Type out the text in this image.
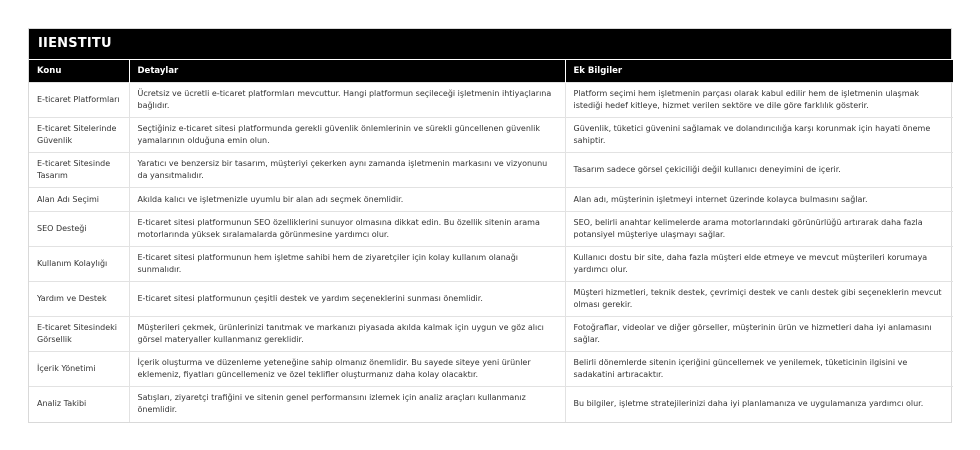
IIENSTITU
Konu	Detaylar	Ek Bilgiler
E-ticaret Platformları	Ücretsiz ve ücretli e-ticaret platformları mevcuttur. Hangi platformun seçileceği işletmenin ihtiyaçlarına bağlıdır.	Platform seçimi hem işletmenin parçası olarak kabul edilir hem de işletmenin ulaşmak istediği hedef kitleye, hizmet verilen sektöre ve dile göre farklılık gösterir.
E-ticaret Sitelerinde Güvenlik	Seçtiğiniz e-ticaret sitesi platformunda gerekli güvenlik önlemlerinin ve sürekli güncellenen güvenlik yamalarının olduğuna emin olun.	Güvenlik, tüketici güvenini sağlamak ve dolandırıcılığa karşı korunmak için hayati öneme sahiptir.
E-ticaret Sitesinde Tasarım	Yaratıcı ve benzersiz bir tasarım, müşteriyi çekerken aynı zamanda işletmenin markasını ve vizyonunu da yansıtmalıdır.	Tasarım sadece görsel çekiciliği değil kullanıcı deneyimini de içerir.
Alan Adı Seçimi	Akılda kalıcı ve işletmenizle uyumlu bir alan adı seçmek önemlidir.	Alan adı, müşterinin işletmeyi internet üzerinde kolayca bulmasını sağlar.
SEO Desteği	E-ticaret sitesi platformunun SEO özelliklerini sunuyor olmasına dikkat edin. Bu özellik sitenin arama motorlarında yüksek sıralamalarda görünmesine yardımcı olur.	SEO, belirli anahtar kelimelerde arama motorlarındaki görünürlüğü artırarak daha fazla potansiyel müşteriye ulaşmayı sağlar.
Kullanım Kolaylığı	E-ticaret sitesi platformunun hem işletme sahibi hem de ziyaretçiler için kolay kullanım olanağı sunmalıdır.	Kullanıcı dostu bir site, daha fazla müşteri elde etmeye ve mevcut müşterileri korumaya yardımcı olur.
Yardım ve Destek	E-ticaret sitesi platformunun çeşitli destek ve yardım seçeneklerini sunması önemlidir.	Müşteri hizmetleri, teknik destek, çevrimiçi destek ve canlı destek gibi seçeneklerin mevcut olması gerekir.
E-ticaret Sitesindeki Görsellik	Müşterileri çekmek, ürünlerinizi tanıtmak ve markanızı piyasada akılda kalmak için uygun ve göz alıcı görsel materyaller kullanmanız gereklidir.	Fotoğraflar, videolar ve diğer görseller, müşterinin ürün ve hizmetleri daha iyi anlamasını sağlar.
İçerik Yönetimi	İçerik oluşturma ve düzenleme yeteneğine sahip olmanız önemlidir. Bu sayede siteye yeni ürünler eklemeniz, fiyatları güncellemeniz ve özel teklifler oluşturmanız daha kolay olacaktır.	Belirli dönemlerde sitenin içeriğini güncellemek ve yenilemek, tüketicinin ilgisini ve sadakatini artıracaktır.
Analiz Takibi	Satışları, ziyaretçi trafiğini ve sitenin genel performansını izlemek için analiz araçları kullanmanız önemlidir.	Bu bilgiler, işletme stratejilerinizi daha iyi planlamanıza ve uygulamanıza yardımcı olur.
